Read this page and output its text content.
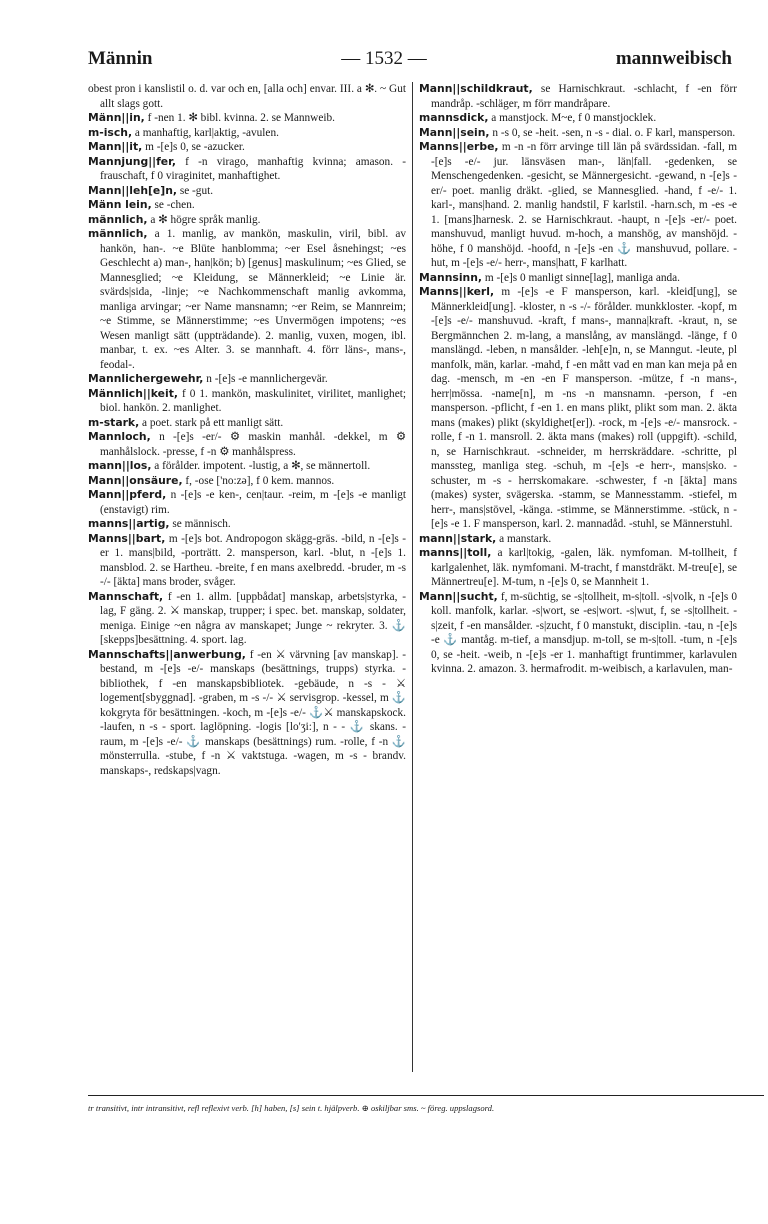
Männin	— 1532 —	mannweibisch

obest pron i kanslistil o. d. var och en, [alla och] envar. III. a ✻. ~ Gut allt slags gott.

Männ||in, f -nen 1. ✻ bibl. kvinna. 2. se Mannweib.

m-isch, a manhaftig, karl|aktig, -avulen.

Mann||it, m -[e]s 0, se -azucker.

Mannjung||fer, f -n virago, manhaftig kvinna; amason. -frauschaft, f 0 viraginitet, manhaftighet.

Mann||leh[e]n, se -gut.

Männ lein, se -chen.

männlich, a ✻ högre språk manlig.

männlich, a 1. manlig, av mankön, maskulin, viril, bibl. av hankön, han-. ~e Blüte hanblomma; ~er Esel åsnehingst; ~es Geschlecht a) man-, han|kön; b) [genus] maskulinum; ~es Glied, se Mannesglied; ~e Kleidung, se Männerkleid; ~e Linie är. svärds|sida, -linje; ~e Nachkommenschaft manlig avkomma, manliga arvingar; ~er Name mansnamn; ~er Reim, se Mannreim; ~e Stimme, se Männerstimme; ~es Unvermögen impotens; ~es Wesen manligt sätt (uppträdande). 2. manlig, vuxen, mogen, ibl. manbar, t. ex. ~es Alter. 3. se mannhaft. 4. förr läns-, mans-, feodal-.

Mannlichergewehr, n -[e]s -e mannlichergevär.

Männlich||keit, f 0 1. mankön, maskulinitet, virilitet, manlighet; biol. hankön. 2. manlighet.

m-stark, a poet. stark på ett manligt sätt.

Mannloch, n -[e]s -er/- ⚙ maskin manhål. -dekkel, m ⚙ manhålslock. -presse, f -n ⚙ manhålspress.

mann||los, a förålder. impotent. -lustig, a ✻, se männertoll.

Mann||onsäure, f, -ose ['no:zə], f 0 kem. mannos.

Mann||pferd, n -[e]s -e ken-, cen|taur. -reim, m -[e]s -e manligt (enstavigt) rim.

manns||artig, se männisch.

Manns||bart, m -[e]s bot. Andropogon skägg-gräs. -bild, n -[e]s -er 1. mans|bild, -porträtt. 2. mansperson, karl. -blut, n -[e]s 1. mansblod. 2. se Hartheu. -breite, f en mans axelbredd. -bruder, m -s -/- [äkta] mans broder, svåger.

Mannschaft, f -en 1. allm. [uppbådat] manskap, arbets|styrka, -lag, F gäng. 2. ⚔ manskap, trupper; i spec. bet. manskap, soldater, meniga. Einige ~en några av manskapet; Junge ~ rekryter. 3. ⚓ [skepps]besättning. 4. sport. lag.

Mannschafts||anwerbung, f -en ⚔ värvning [av manskap]. -bestand, m -[e]s -e/- manskaps (besättnings, trupps) styrka. -bibliothek, f -en manskapsbibliotek. -gebäude, n -s - ⚔ logement[sbyggnad]. -graben, m -s -/- ⚔ servisgrop. -kessel, m ⚓ kokgryta för besättningen. -koch, m -[e]s -e/- ⚓⚔ manskapskock. -laufen, n -s - sport. laglöpning. -logis [lo'ʒi:], n - - ⚓ skans. -raum, m -[e]s -e/- ⚓ manskaps (besättnings) rum. -rolle, f -n ⚓ mönsterrulla. -stube, f -n ⚔ vaktstuga. -wagen, m -s - brandv. manskaps-, redskaps|vagn.

Mann||schildkraut, se Harnischkraut. -schlacht, f -en förr mandråp. -schläger, m förr mandråpare.

mannsdick, a manstjock. M~e, f 0 manstjocklek.

Mann||sein, n -s 0, se -heit. -sen, n -s - dial. o. F karl, mansperson.

Manns||erbe, m -n -n förr arvinge till län på svärdssidan. -fall, m -[e]s -e/- jur. länsväsen man-, län|fall. -gedenken, se Menschengedenken. -gesicht, se Männergesicht. -gewand, n -[e]s -er/- poet. manlig dräkt. -glied, se Mannesglied. -hand, f -e/- 1. karl-, mans|hand. 2. manlig handstil, F karlstil. -harn.sch, m -es -e 1. [mans]harnesk. 2. se Harnischkraut. -haupt, n -[e]s -er/- poet. manshuvud, manligt huvud. m-hoch, a manshög, av manshöjd. -höhe, f 0 manshöjd. -hoofd, n -[e]s -en ⚓ manshuvud, pollare. -hut, m -[e]s -e/- herr-, mans|hatt, F karlhatt.

Mannsinn, m -[e]s 0 manligt sinne[lag], manliga anda.

Manns||kerl, m -[e]s -e F mansperson, karl. -kleid[ung], se Männerkleid[ung]. -kloster, n -s -/- förålder. munkkloster. -kopf, m -[e]s -e/- manshuvud. -kraft, f mans-, manna|kraft. -kraut, n, se Bergmännchen 2. m-lang, a manslång, av manslängd. -länge, f 0 manslängd. -leben, n mansålder. -leh[e]n, n, se Manngut. -leute, pl manfolk, män, karlar. -mahd, f -en mått vad en man kan meja på en dag. -mensch, m -en -en F mansperson. -mütze, f -n mans-, herr|mössa. -name[n], m -ns -n mansnamn. -person, f -en mansperson. -pflicht, f -en 1. en mans plikt, plikt som man. 2. äkta mans (makes) plikt (skyldighet[er]). -rock, m -[e]s -e/- mansrock. -rolle, f -n 1. mansroll. 2. äkta mans (makes) roll (uppgift). -schild, n, se Harnischkraut. -schneider, m herrskräddare. -schritte, pl manssteg, manliga steg. -schuh, m -[e]s -e herr-, mans|sko. -schuster, m -s - herrskomakare. -schwester, f -n [äkta] mans (makes) syster, svägerska. -stamm, se Mannesstamm. -stiefel, m herr-, mans|stövel, -känga. -stimme, se Männerstimme. -stück, n -[e]s -e 1. F mansperson, karl. 2. mannadåd. -stuhl, se Männerstuhl.

mann||stark, a manstark.

manns||toll, a karl|tokig, -galen, läk. nymfoman. M-tollheit, f karlgalenhet, läk. nymfomani. M-tracht, f manstdräkt. M-treu[e], se Männertreu[e]. M-tum, n -[e]s 0, se Mannheit 1.

Mann||sucht, f, m-süchtig, se -s|tollheit, m-s|toll. -s|volk, n -[e]s 0 koll. manfolk, karlar. -s|wort, se -es|wort. -s|wut, f, se -s|tollheit. -s|zeit, f -en mansålder. -s|zucht, f 0 manstukt, disciplin. -tau, n -[e]s -e ⚓ mantåg. m-tief, a mansdjup. m-toll, se m-s|toll. -tum, n -[e]s 0, se -heit. -weib, n -[e]s -er 1. manhaftigt fruntimmer, karlavulen kvinna. 2. amazon. 3. hermafrodit. m-weibisch, a karlavulen, man-

tr transitivt, intr intransitivt, refl reflexivt verb. [h] haben, [s] sein t. hjälpverb. ⊕ oskiljbar sms. ~ föreg. uppslagsord.
